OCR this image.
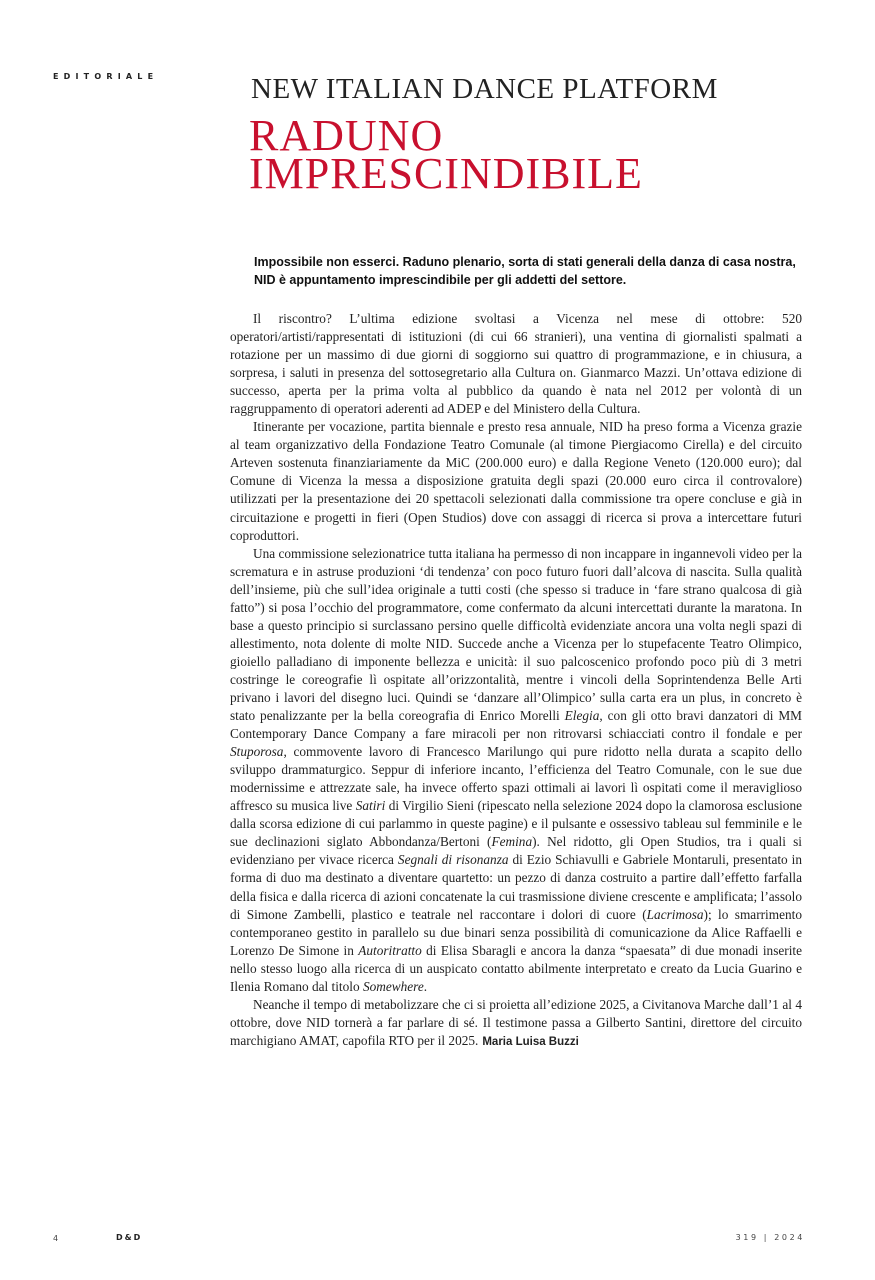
EDITORIALE	NEW ITALIAN DANCE PLATFORM
RADUNO
IMPRESCINDIBILE
Impossibile non esserci. Raduno plenario, sorta di stati generali della danza di casa nostra, NID è appuntamento imprescindibile per gli addetti del settore.

Il riscontro? L’ultima edizione svoltasi a Vicenza nel mese di ottobre: 520 operatori/artisti/rappresentati di istituzioni (di cui 66 stranieri), una ventina di giornalisti spalmati a rotazione per un massimo di due giorni di soggiorno sui quattro di programmazione, e in chiusura, a sorpresa, i saluti in presenza del sottosegretario alla Cultura on. Gianmarco Mazzi. Un’ottava edizione di successo, aperta per la prima volta al pubblico da quando è nata nel 2012 per volontà di un raggruppamento di operatori aderenti ad ADEP e del Ministero della Cultura.

Itinerante per vocazione, partita biennale e presto resa annuale, NID ha preso forma a Vicenza grazie al team organizzativo della Fondazione Teatro Comunale (al timone Piergiacomo Cirella) e del circuito Arteven sostenuta finanziariamente da MiC (200.000 euro) e dalla Regione Veneto (120.000 euro); dal Comune di Vicenza la messa a disposizione gratuita degli spazi (20.000 euro circa il controvalore) utilizzati per la presentazione dei 20 spettacoli selezionati dalla commissione tra opere concluse e già in circuitazione e progetti in fieri (Open Studios) dove con assaggi di ricerca si prova a intercettare futuri coproduttori.

Una commissione selezionatrice tutta italiana ha permesso di non incappare in ingannevoli video per la scrematura e in astruse produzioni ‘di tendenza’ con poco futuro fuori dall’alcova di nascita. Sulla qualità dell’insieme, più che sull’idea originale a tutti costi (che spesso si traduce in ‘fare strano qualcosa di già fatto”) si posa l’occhio del programmatore, come confermato da alcuni intercettati durante la maratona. In base a questo principio si surclassano persino quelle difficoltà evidenziate ancora una volta negli spazi di allestimento, nota dolente di molte NID. Succede anche a Vicenza per lo stupefacente Teatro Olimpico, gioiello palladiano di imponente bellezza e unicità: il suo palcoscenico profondo poco più di 3 metri costringe le coreografie lì ospitate all’orizzontalità, mentre i vincoli della Soprintendenza Belle Arti privano i lavori del disegno luci. Quindi se ‘danzare all’Olimpico’ sulla carta era un plus, in concreto è stato penalizzante per la bella coreografia di Enrico Morelli Elegia, con gli otto bravi danzatori di MM Contemporary Dance Company a fare miracoli per non ritrovarsi schiacciati contro il fondale e per Stuporosa, commovente lavoro di Francesco Marilungo qui pure ridotto nella durata a scapito dello sviluppo drammaturgico. Seppur di inferiore incanto, l’efficienza del Teatro Comunale, con le sue due modernissime e attrezzate sale, ha invece offerto spazi ottimali ai lavori lì ospitati come il meraviglioso affresco su musica live Satiri di Virgilio Sieni (ripescato nella selezione 2024 dopo la clamorosa esclusione dalla scorsa edizione di cui parlammo in queste pagine) e il pulsante e ossessivo tableau sul femminile e le sue declinazioni siglato Abbondanza/Bertoni (Femina). Nel ridotto, gli Open Studios, tra i quali si evidenziano per vivace ricerca Segnali di risonanza di Ezio Schiavulli e Gabriele Montaruli, presentato in forma di duo ma destinato a diventare quartetto: un pezzo di danza costruito a partire dall’effetto farfalla della fisica e dalla ricerca di azioni concatenate la cui trasmissione diviene crescente e amplificata; l’assolo di Simone Zambelli, plastico e teatrale nel raccontare i dolori di cuore (Lacrimosa); lo smarrimento contemporaneo gestito in parallelo su due binari senza possibilità di comunicazione da Alice Raffaelli e Lorenzo De Simone in Autoritratto di Elisa Sbaragli e ancora la danza “spaesata” di due monadi inserite nello stesso luogo alla ricerca di un auspicato contatto abilmente interpretato e creato da Lucia Guarino e Ilenia Romano dal titolo Somewhere.

Neanche il tempo di metabolizzare che ci si proietta all’edizione 2025, a Civitanova Marche dall’1 al 4 ottobre, dove NID tornerà a far parlare di sé. Il testimone passa a Gilberto Santini, direttore del circuito marchigiano AMAT, capofila RTO per il 2025. Maria Luisa Buzzi

4	D&D	319 | 2024
